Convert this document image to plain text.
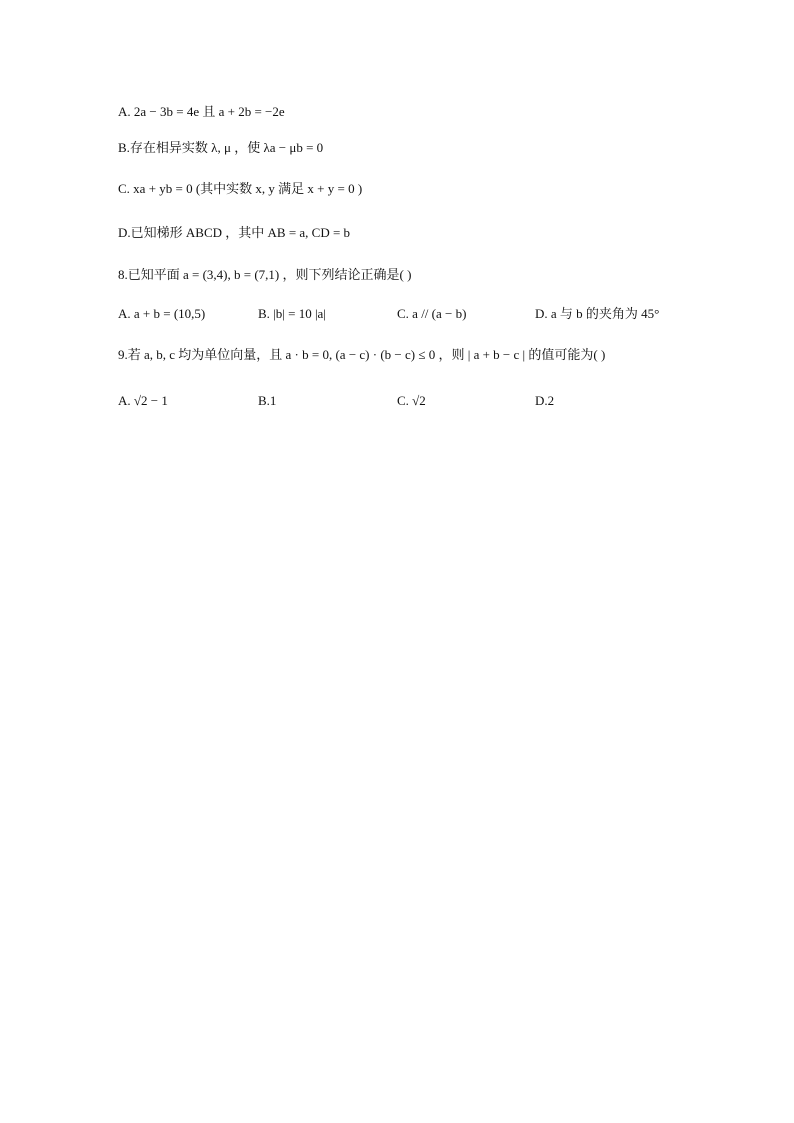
A. 2a − 3b = 4e 且 a + 2b = −2e
B.存在相异实数 λ, μ ，使 λa − μb = 0
C. xa + yb = 0 (其中实数 x, y 满足 x + y = 0 )
D.已知梯形 ABCD ，其中 AB = a, CD = b
8.已知平面 a = (3,4), b = (7,1) ，则下列结论正确是( )
A. a + b = (10,5)	B. |b| = 10 |a|	C. a // (a − b)	D. a 与 b 的夹角为 45°
9.若 a, b, c 均为单位向量，且 a · b = 0, (a − c) · (b − c) ≤ 0 ，则 | a + b − c | 的值可能为( )
A. √2 − 1	B.1	C. √2	D.2
